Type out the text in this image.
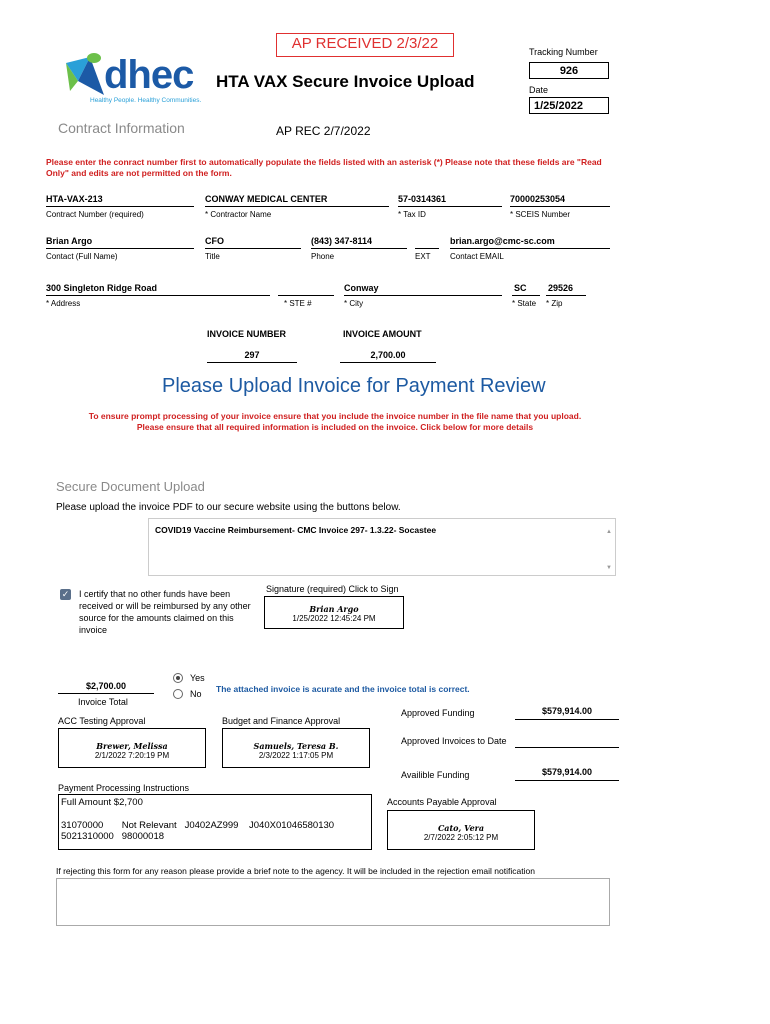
AP RECEIVED 2/3/22	Tracking Number
926
Date
1/25/2022
dhec
Healthy People. Healthy Communities.
HTA VAX Secure Invoice Upload
Contract Information	AP REC 2/7/2022
Please enter the conract number first to automatically populate the fields listed with an asterisk (*) Please note that these fields are "Read Only" and edits are not permitted on the form.
HTA-VAX-213
Contract Number (required)
CONWAY MEDICAL CENTER
* Contractor Name
57-0314361
* Tax ID
70000253054
* SCEIS Number
Brian Argo
Contact (Full Name)
CFO
Title
(843) 347-8114
Phone	EXT
brian.argo@cmc-sc.com
Contact EMAIL
300 Singleton Ridge Road
* Address	* STE #
Conway
* City
SC
* State
29526
* Zip
INVOICE NUMBER
297
INVOICE AMOUNT
2,700.00
Please Upload Invoice for Payment Review
To ensure prompt processing of your invoice ensure that you include the invoice number in the file name that you upload.
Please ensure that all required information is included on the invoice. Click below for more details
Secure Document Upload
Please upload the invoice PDF to our secure website using the buttons below.
COVID19 Vaccine Reimbursement- CMC Invoice 297- 1.3.22- Socastee	▲
▼
✓ I certify that no other funds have been received or will be reimbursed by any other source for the amounts claimed on this invoice
Signature (required) Click to Sign
Brian Argo
1/25/2022 12:45:24 PM
$2,700.00
Invoice Total
Yes
No The attached invoice is acurate and the invoice total is correct.
ACC Testing Approval
Brewer, Melissa
2/1/2022 7:20:19 PM
Budget and Finance Approval
Samuels, Teresa B.
2/3/2022 1:17:05 PM
Approved Funding	$579,914.00
Approved Invoices to Date
Availible Funding	$579,914.00
Payment Processing Instructions
Full Amount $2,700
31070000       Not Relevant   J0402AZ999    J040X01046580130
5021310000   98000018
Accounts Payable Approval
Cato, Vera
2/7/2022 2:05:12 PM
If rejecting this form for any reason please provide a brief note to the agency. It will be included in the rejection email notification
